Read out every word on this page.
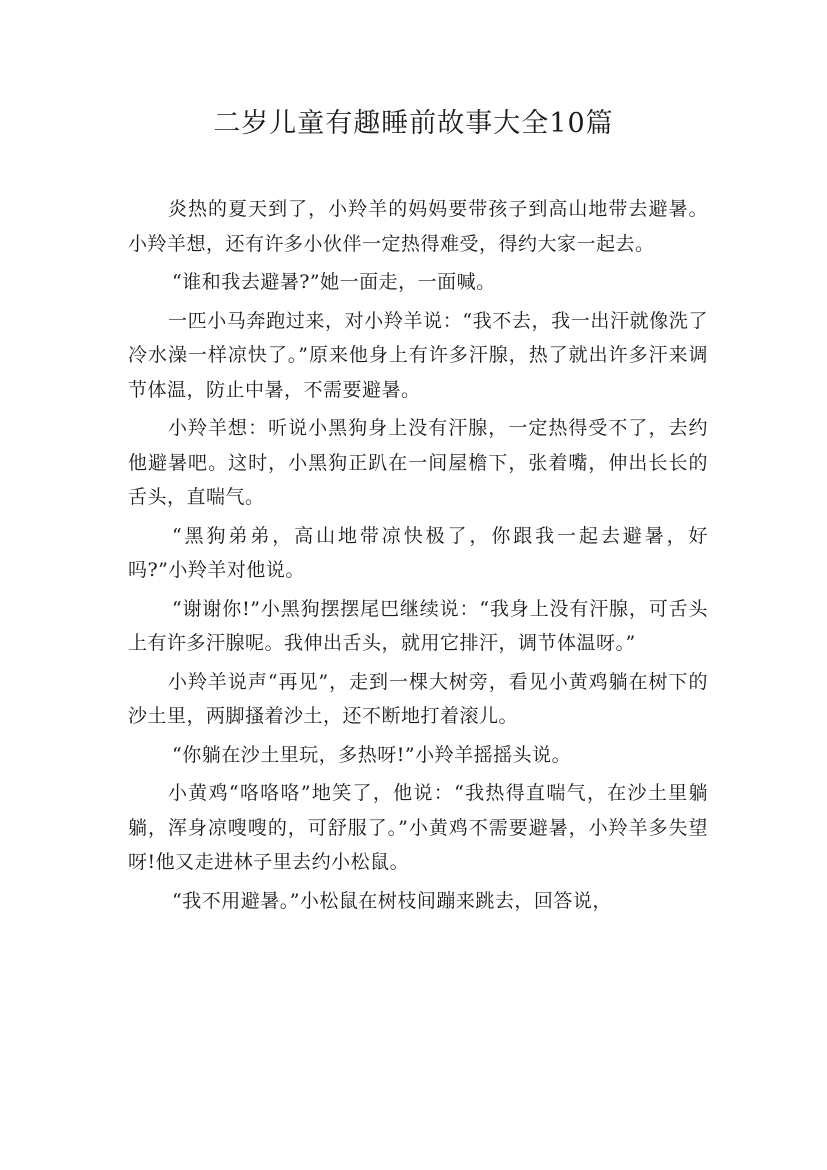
二岁儿童有趣睡前故事大全10篇

炎热的夏天到了，小羚羊的妈妈要带孩子到高山地带去避暑。小羚羊想，还有许多小伙伴一定热得难受，得约大家一起去。

“谁和我去避暑?”她一面走，一面喊。

一匹小马奔跑过来，对小羚羊说：“我不去，我一出汗就像洗了冷水澡一样凉快了。”原来他身上有许多汗腺，热了就出许多汗来调节体温，防止中暑，不需要避暑。

小羚羊想：听说小黑狗身上没有汗腺，一定热得受不了，去约他避暑吧。这时，小黑狗正趴在一间屋檐下，张着嘴，伸出长长的舌头，直喘气。

“黑狗弟弟，高山地带凉快极了，你跟我一起去避暑，好吗?”小羚羊对他说。

“谢谢你!”小黑狗摆摆尾巴继续说：“我身上没有汗腺，可舌头上有许多汗腺呢。我伸出舌头，就用它排汗，调节体温呀。”

小羚羊说声“再见”，走到一棵大树旁，看见小黄鸡躺在树下的沙土里，两脚搔着沙土，还不断地打着滚儿。

“你躺在沙土里玩，多热呀!”小羚羊摇摇头说。

小黄鸡“咯咯咯”地笑了，他说：“我热得直喘气，在沙土里躺躺，浑身凉嗖嗖的，可舒服了。”小黄鸡不需要避暑，小羚羊多失望呀!他又走进林子里去约小松鼠。

“我不用避暑。”小松鼠在树枝间蹦来跳去，回答说，
